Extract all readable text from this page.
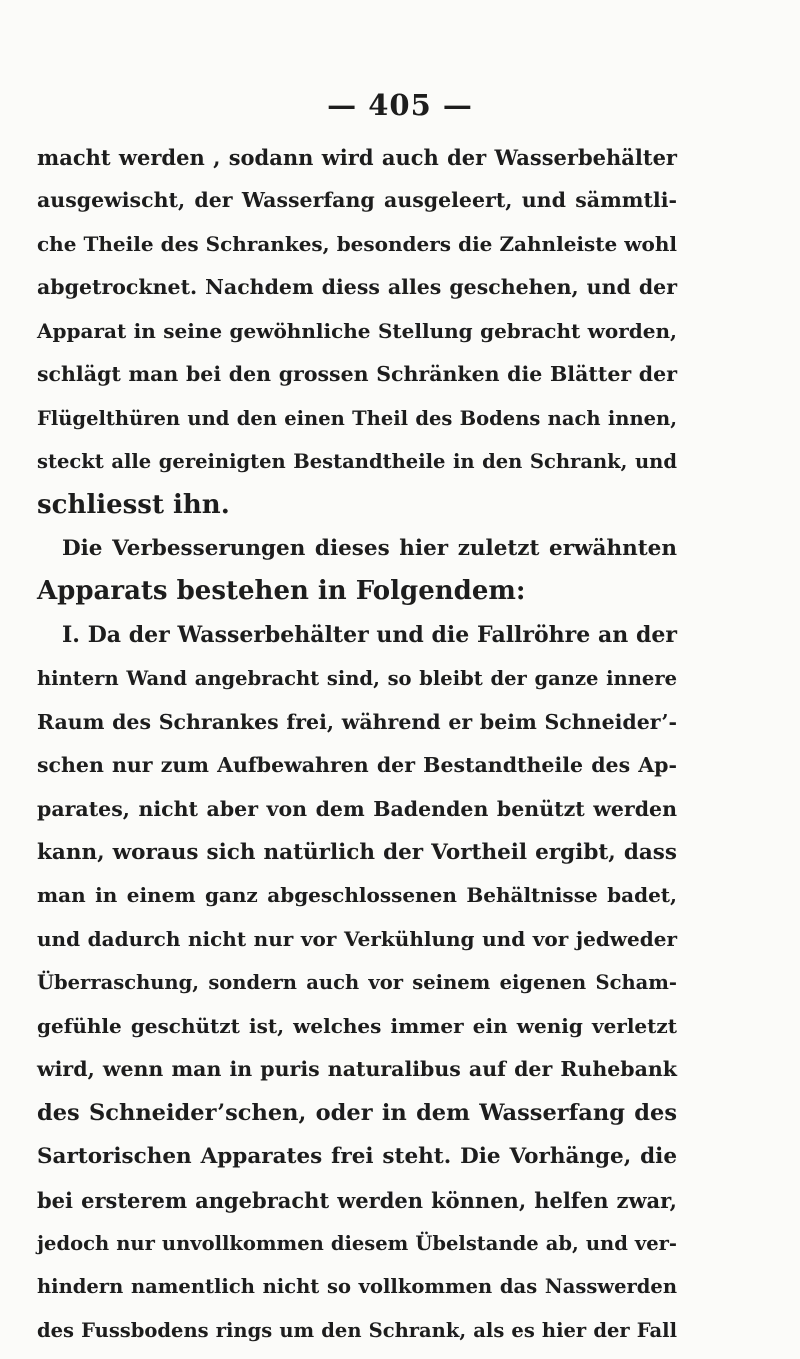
— 405 —
macht werden , sodann wird auch der Wasserbehälter
ausgewischt, der Wasserfang ausgeleert, und sämmtli-
che Theile des Schrankes, besonders die Zahnleiste wohl
abgetrocknet. Nachdem diess alles geschehen, und der
Apparat in seine gewöhnliche Stellung gebracht worden,
schlägt man bei den grossen Schränken die Blätter der
Flügelthüren und den einen Theil des Bodens nach innen,
steckt alle gereinigten Bestandtheile in den Schrank, und
schliesst ihn.
Die Verbesserungen dieses hier zuletzt erwähnten
Apparats bestehen in Folgendem:
I. Da der Wasserbehälter und die Fallröhre an der
hintern Wand angebracht sind, so bleibt der ganze innere
Raum des Schrankes frei, während er beim Schneider’-
schen nur zum Aufbewahren der Bestandtheile des Ap-
parates, nicht aber von dem Badenden benützt werden
kann, woraus sich natürlich der Vortheil ergibt, dass
man in einem ganz abgeschlossenen Behältnisse badet,
und dadurch nicht nur vor Verkühlung und vor jedweder
Überraschung, sondern auch vor seinem eigenen Scham-
gefühle geschützt ist, welches immer ein wenig verletzt
wird, wenn man in puris naturalibus auf der Ruhebank
des Schneider’schen, oder in dem Wasserfang des
Sartorischen Apparates frei steht. Die Vorhänge, die
bei ersterem angebracht werden können, helfen zwar,
jedoch nur unvollkommen diesem Übelstande ab, und ver-
hindern namentlich nicht so vollkommen das Nasswerden
des Fussbodens rings um den Schrank, als es hier der Fall
